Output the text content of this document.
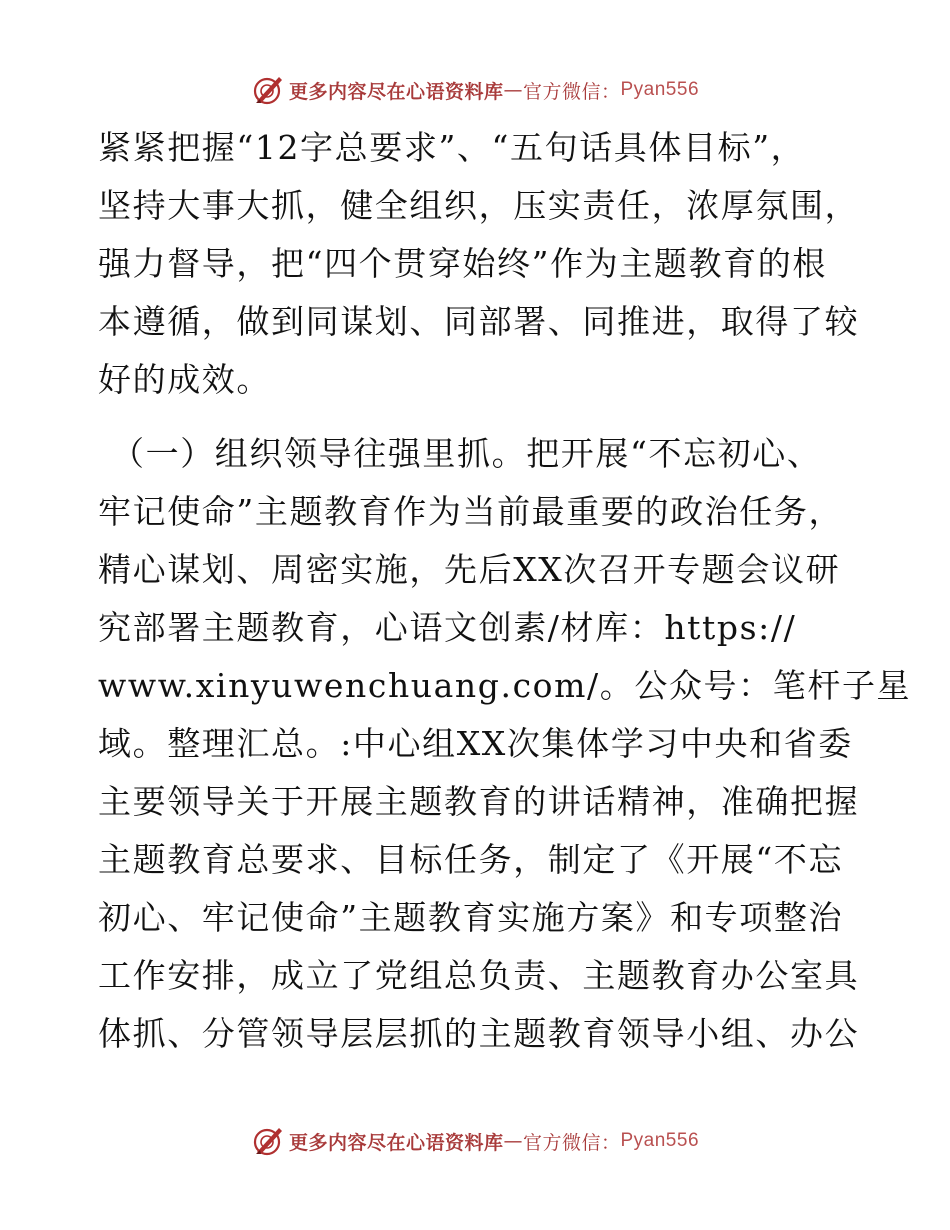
更多内容尽在心语资料库 — 官方微信： Pyan556
紧紧把握“12字总要求”、“五句话具体目标”，
坚持大事大抓，健全组织，压实责任，浓厚氛围，
强力督导，把“四个贯穿始终”作为主题教育的根
本遵循，做到同谋划、同部署、同推进，取得了较
好的成效。
（一）组织领导往强里抓。把开展“不忘初心、
牢记使命”主题教育作为当前最重要的政治任务，
精心谋划、周密实施，先后XX次召开专题会议研
究部署主题教育，心语文创素/材库：https://
www.xinyuwenchuang.com/。公众号：笔杆子星
域。整理汇总。:中心组XX次集体学习中央和省委
主要领导关于开展主题教育的讲话精神，准确把握
主题教育总要求、目标任务，制定了《开展“不忘
初心、牢记使命”主题教育实施方案》和专项整治
工作安排，成立了党组总负责、主题教育办公室具
体抓、分管领导层层抓的主题教育领导小组、办公
更多内容尽在心语资料库 — 官方微信： Pyan556
